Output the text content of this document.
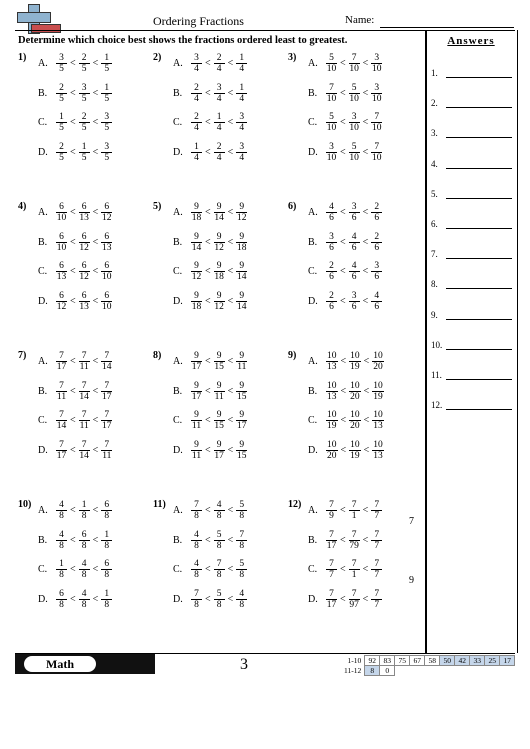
Ordering Fractions	Name:
Determine which choice best shows the fractions ordered least to greatest.	Answers
1.
2.
3.
4.
5.
6.
7.
8.
9.
10.
11.
12.
1)
A. $\frac{3}{5} < \frac{2}{5} < \frac{1}{5}$
B. $\frac{2}{5} < \frac{3}{5} < \frac{1}{5}$
C. $\frac{1}{5} < \frac{2}{5} < \frac{3}{5}$
D. $\frac{2}{5} < \frac{1}{5} < \frac{3}{5}$
2)
A. $\frac{3}{4} < \frac{2}{4} < \frac{1}{4}$
B. $\frac{2}{4} < \frac{3}{4} < \frac{1}{4}$
C. $\frac{2}{4} < \frac{1}{4} < \frac{3}{4}$
D. $\frac{1}{4} < \frac{2}{4} < \frac{3}{4}$
3)
A. $\frac{5}{10} < \frac{7}{10} < \frac{3}{10}$
B. $\frac{7}{10} < \frac{5}{10} < \frac{3}{10}$
C. $\frac{5}{10} < \frac{3}{10} < \frac{7}{10}$
D. $\frac{3}{10} < \frac{5}{10} < \frac{7}{10}$
4)
A. $\frac{6}{10} < \frac{6}{13} < \frac{6}{12}$
B. $\frac{6}{10} < \frac{6}{12} < \frac{6}{13}$
C. $\frac{6}{13} < \frac{6}{12} < \frac{6}{10}$
D. $\frac{6}{12} < \frac{6}{13} < \frac{6}{10}$
5)
A. $\frac{9}{18} < \frac{9}{14} < \frac{9}{12}$
B. $\frac{9}{14} < \frac{9}{12} < \frac{9}{18}$
C. $\frac{9}{12} < \frac{9}{18} < \frac{9}{14}$
D. $\frac{9}{18} < \frac{9}{12} < \frac{9}{14}$
6)
A. $\frac{4}{6} < \frac{3}{6} < \frac{2}{6}$
B. $\frac{3}{6} < \frac{4}{6} < \frac{2}{6}$
C. $\frac{2}{6} < \frac{4}{6} < \frac{3}{6}$
D. $\frac{2}{6} < \frac{3}{6} < \frac{4}{6}$
7)
A. $\frac{7}{17} < \frac{7}{11} < \frac{7}{14}$
B. $\frac{7}{11} < \frac{7}{14} < \frac{7}{17}$
C. $\frac{7}{14} < \frac{7}{11} < \frac{7}{17}$
D. $\frac{7}{17} < \frac{7}{14} < \frac{7}{11}$
8)
A. $\frac{9}{17} < \frac{9}{15} < \frac{9}{11}$
B. $\frac{9}{17} < \frac{9}{11} < \frac{9}{15}$
C. $\frac{9}{11} < \frac{9}{15} < \frac{9}{17}$
D. $\frac{9}{11} < \frac{9}{17} < \frac{9}{15}$
9)
A. $\frac{10}{13} < \frac{10}{19} < \frac{10}{20}$
B. $\frac{10}{13} < \frac{10}{20} < \frac{10}{19}$
C. $\frac{10}{19} < \frac{10}{20} < \frac{10}{13}$
D. $\frac{10}{20} < \frac{10}{19} < \frac{10}{13}$
10)
A. $\frac{4}{8} < \frac{1}{8} < \frac{6}{8}$
B. $\frac{4}{8} < \frac{6}{8} < \frac{1}{8}$
C. $\frac{1}{8} < \frac{4}{8} < \frac{6}{8}$
D. $\frac{6}{8} < \frac{4}{8} < \frac{1}{8}$
11)
A. $\frac{7}{8} < \frac{4}{8} < \frac{5}{8}$
B. $\frac{4}{8} < \frac{5}{8} < \frac{7}{8}$
C. $\frac{4}{8} < \frac{7}{8} < \frac{5}{8}$
D. $\frac{7}{8} < \frac{5}{8} < \frac{4}{8}$
12)
A. $\frac{7}{9} < \frac{7}{1} < \frac{7}{7}$
B. $\frac{7}{17} < \frac{7}{79} < \frac{7}{7}$
C. $\frac{7}{7} < \frac{7}{1} < \frac{7}{7}$
D. $\frac{7}{17} < \frac{7}{97} < \frac{7}{7}$
7
9
Math	3	1-10	92	83	75	67	58	50	42	33	25	17
11-12	8	0								
